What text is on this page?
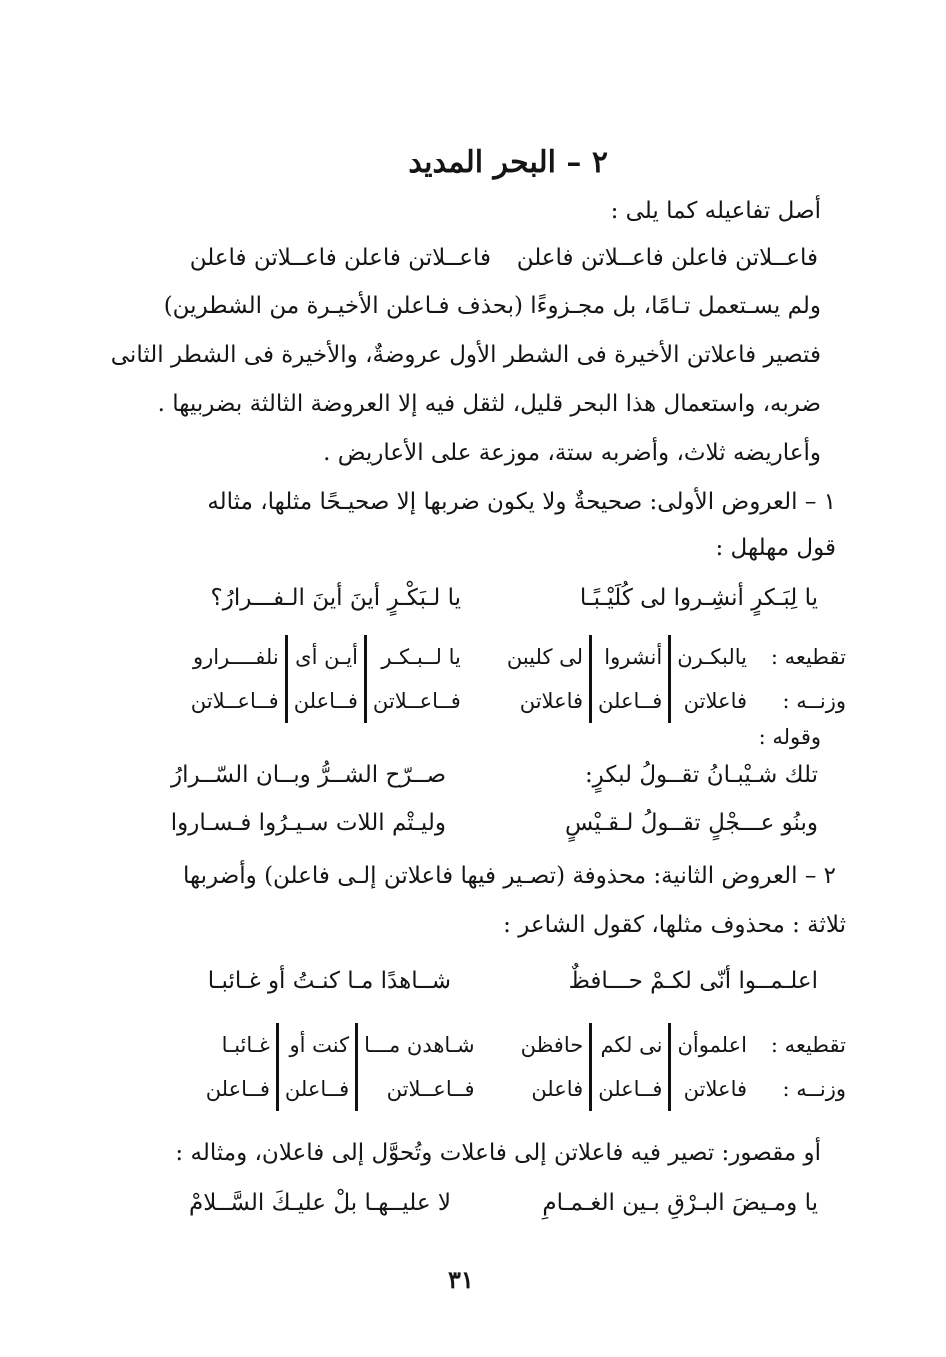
٢ – البحر المديد
أصل تفاعيله كما يلى :
فاعــلاتن فاعلن فاعــلاتن فاعلن
فاعــلاتن فاعلن فاعــلاتن فاعلن
ولم يسـتعمل تـامًا، بل مجـزوءًا (بحذف فـاعلن الأخيـرة من الشطرين)
فتصير فاعلاتن الأخيرة فى الشطر الأول عروضةٌ، والأخيرة فى الشطر الثانى
ضربه، واستعمال هذا البحر قليل، لثقل فيه إلا العروضة الثالثة بضربيها .
وأعاريضه ثلاث، وأضربه ستة، موزعة على الأعاريض .
١ – العروض الأولى: صحيحةٌ ولا يكون ضربها إلا صحيـحًا مثلها، مثاله
قول مهلهل :
يا لِبَـكرٍ أنشِـروا لى كُلَيْـبًـا
يا لـبَكْـرٍ أينَ أينَ الـفـــرارُ؟
تقطيعه :
وزنــه :
يالبكـرن
فاعلاتن
أنشروا
فــاعلن
لى كليبن
فاعلاتن
يا لــبـكـر
فــاعــلاتن
أيـن أى
فــاعلن
نلفــــرارو
فــاعــلاتن
وقوله :
تلك شـيْبـانُ تقــولُ لبكرٍ:
صــرّح الشــرُّ وبــان السّــرارُ
وبنُو عـــجْلٍ تقــولُ لـقـيْسٍ
وليـتْم اللات سـيـرُوا فـسـاروا
٢ – العروض الثانية: محذوفة (تصـير فيها فاعلاتن إلـى فاعلن) وأضربها
ثلاثة : محذوف مثلها، كقول الشاعر :
اعلـمــوا أنّى لكـمْ حـــافظٌ
شــاهدًا مـا كنـتُ أو غـائبـا
تقطيعه :
وزنــه :
اعلموأن
فاعلاتن
نى لكم
فــاعلن
حافظن
فاعلن
شـاهدن مـــا
فــاعــلاتن
كنت أو
فــاعلن
غـائبـا
فــاعلن
أو مقصور: تصير فيه فاعلاتن إلى فاعلات وتُحوَّل إلى فاعلان، ومثاله :
يا ومـيضَ البـرْقِ بـين الغـمـامِ
لا عليــهـا بلْ عليـكَ السَّــلامْ
٣١
